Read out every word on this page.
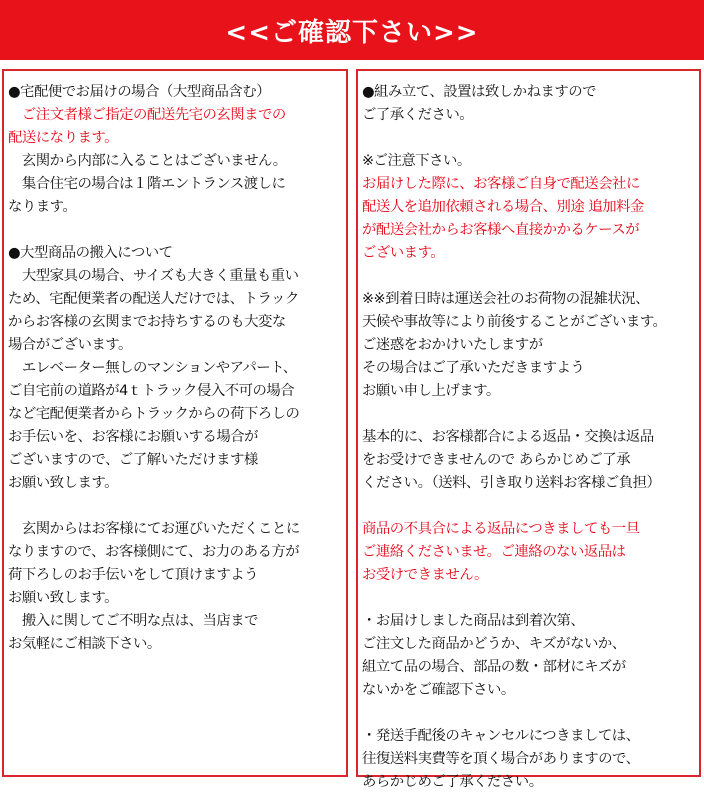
<<ご確認下さい>>
●宅配便でお届けの場合（大型商品含む）
　ご注文者様ご指定の配送先宅の玄関までの
配送になります。
　玄関から内部に入ることはございません。
　集合住宅の場合は１階エントランス渡しに
なります。
●大型商品の搬入について
　大型家具の場合、サイズも大きく重量も重い
ため、宅配便業者の配送人だけでは、トラック
からお客様の玄関までお持ちするのも大変な
場合がございます。
　エレベーター無しのマンションやアパート、
ご自宅前の道路が4ｔトラック侵入不可の場合
など宅配便業者からトラックからの荷下ろしの
お手伝いを、お客様にお願いする場合が
ございますので、ご了解いただけます様
お願い致します。
　玄関からはお客様にてお運びいただくことに
なりますので、お客様側にて、お力のある方が
荷下ろしのお手伝いをして頂けますよう
お願い致します。
　搬入に関してご不明な点は、当店まで
お気軽にご相談下さい。
●組み立て、設置は致しかねますので
ご了承ください。
※ご注意下さい。
お届けした際に、お客様ご自身で配送会社に
配送人を追加依頼される場合、別途 追加料金
が配送会社からお客様へ直接かかるケースが
ございます。
※※到着日時は運送会社のお荷物の混雑状況、
天候や事故等により前後することがございます。
ご迷惑をおかけいたしますが
その場合はご了承いただきますよう
お願い申し上げます。
基本的に、お客様都合による返品・交換は返品
をお受けできませんので あらかじめご了承
ください。（送料、引き取り送料お客様ご負担）
商品の不具合による返品につきましても一旦
ご連絡くださいませ。ご連絡のない返品は
お受けできません。
・お届けしました商品は到着次第、
ご注文した商品かどうか、キズがないか、
組立て品の場合、部品の数・部材にキズが
ないかをご確認下さい。
・発送手配後のキャンセルにつきましては、
往復送料実費等を頂く場合がありますので、
あらかじめご了承ください。
